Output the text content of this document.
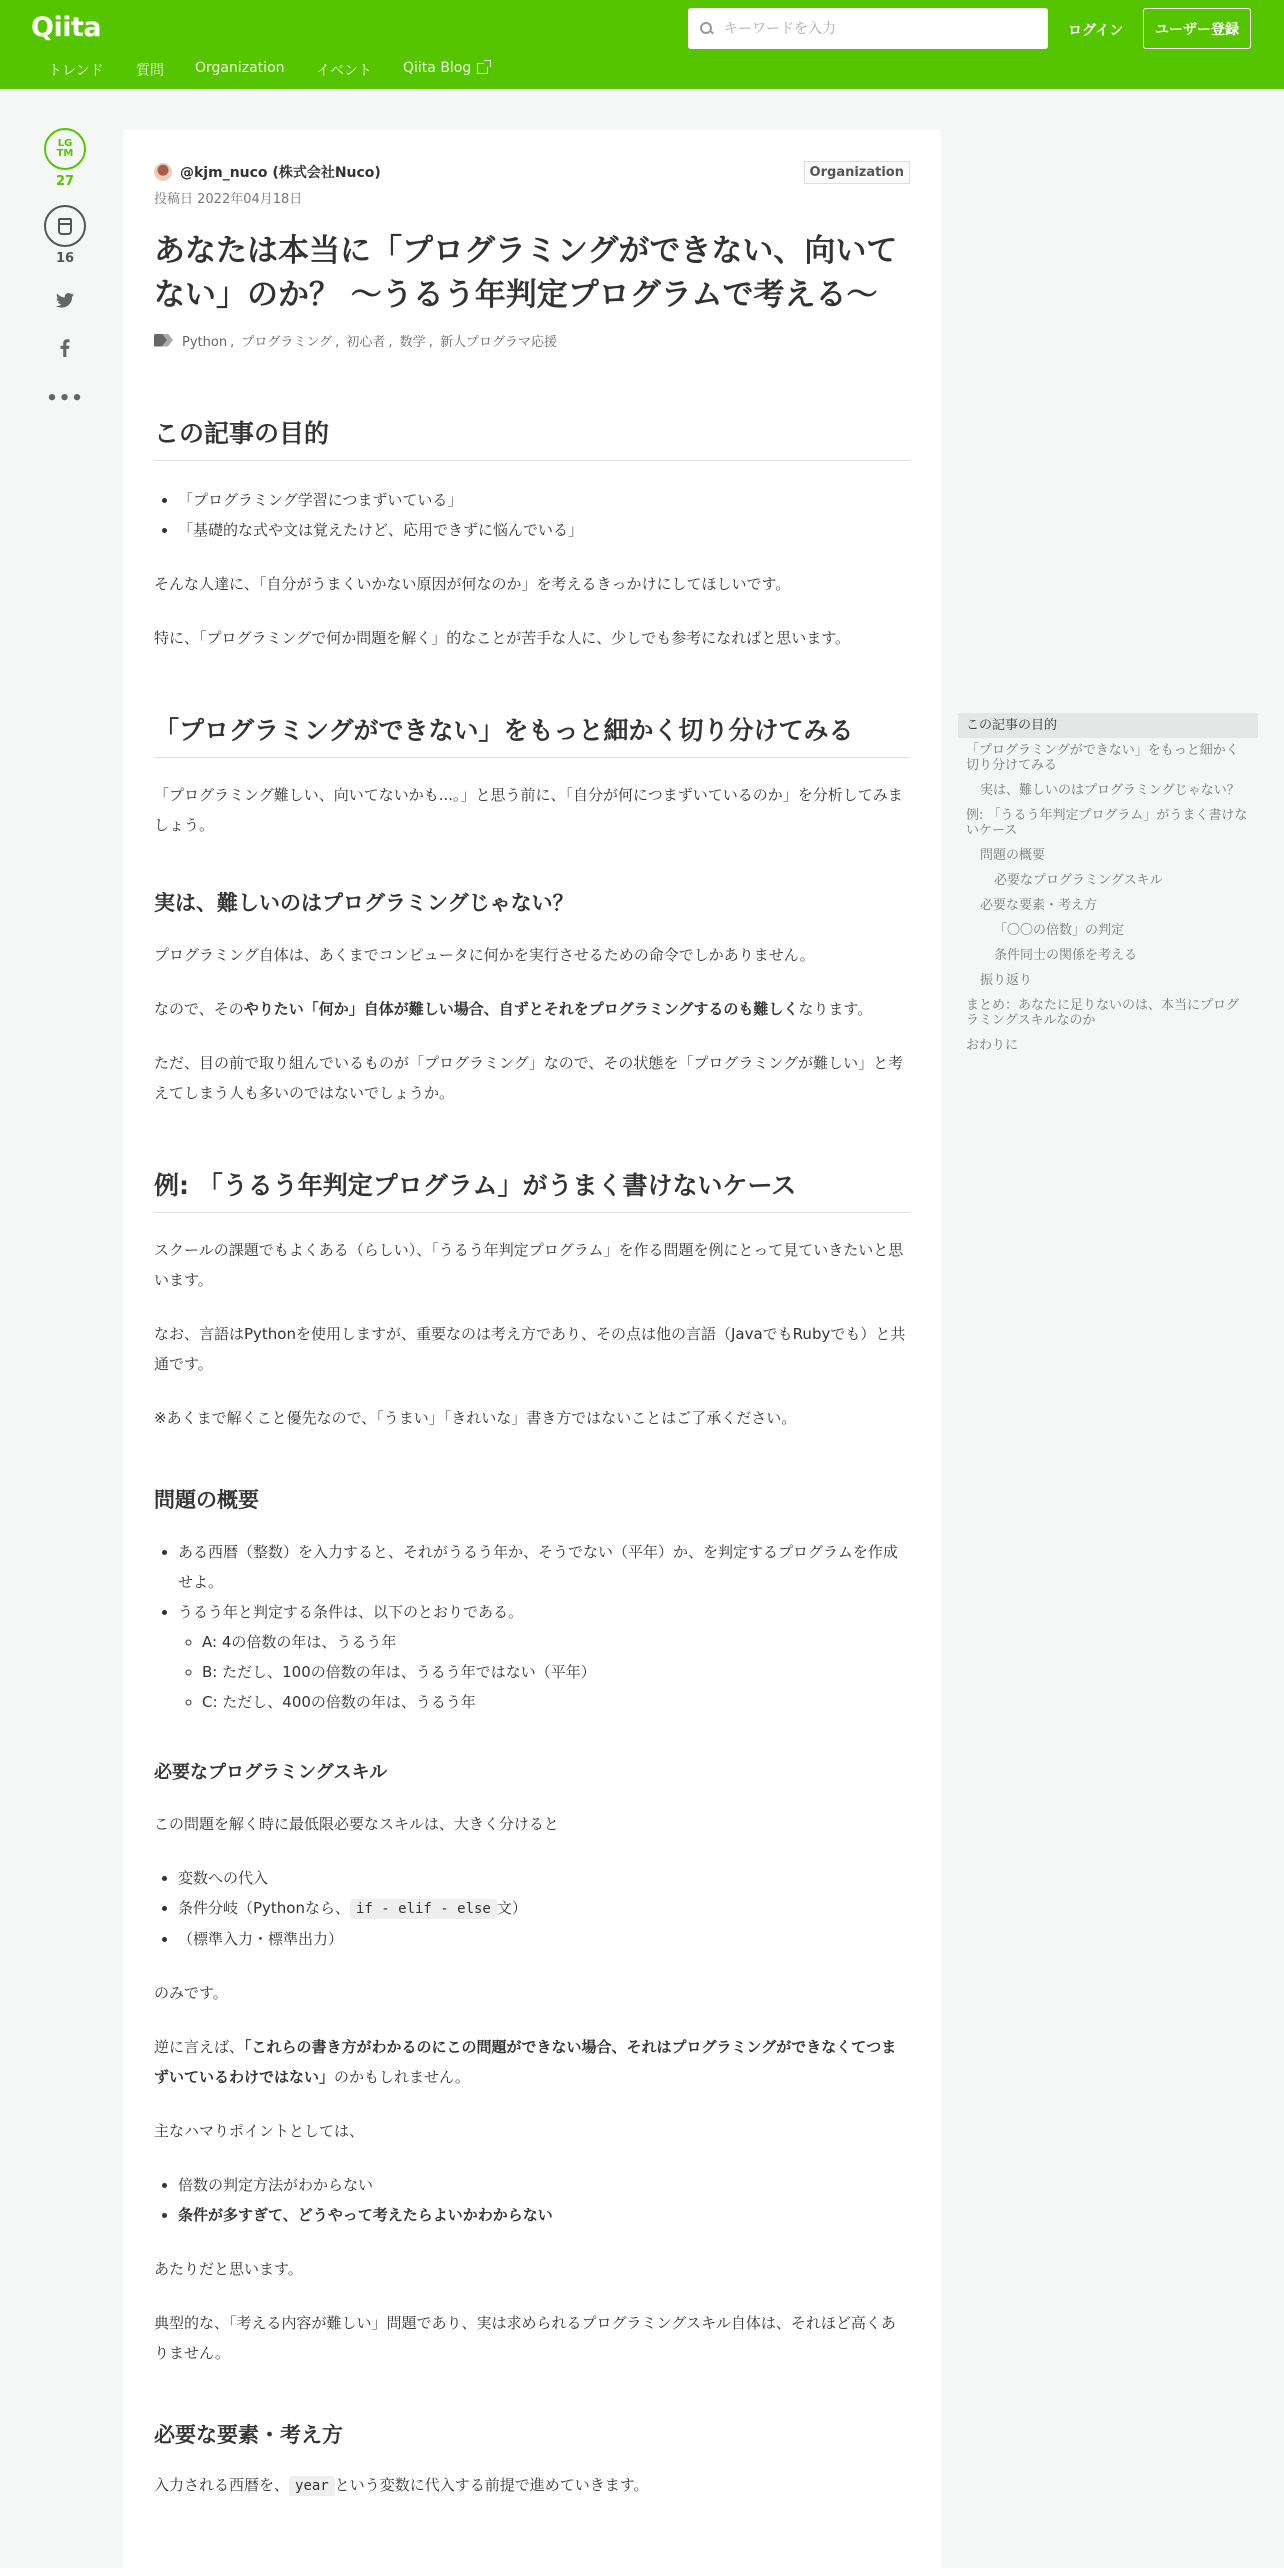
Qiita
キーワードを入力	ログイン	ユーザー登録
トレンド 質問 Organization イベント Qiita Blog
LG
TM
27
16
•••
@kjm_nuco (株式会社Nuco)	Organization
投稿日 2022年04月18日
あなたは本当に「プログラミングができない、向いてない」のか？ 〜うるう年判定プログラムで考える〜
Python , プログラミング , 初心者 , 数学 , 新人プログラマ応援
この記事の目的
• 「プログラミング学習につまずいている」
• 「基礎的な式や文は覚えたけど、応用できずに悩んでいる」

そんな人達に、「自分がうまくいかない原因が何なのか」を考えるきっかけにしてほしいです。

特に、「プログラミングで何か問題を解く」的なことが苦手な人に、少しでも参考になればと思います。

「プログラミングができない」をもっと細かく切り分けてみる

「プログラミング難しい、向いてないかも...。」と思う前に、「自分が何につまずいているのか」を分析してみましょう。

実は、難しいのはプログラミングじゃない？

プログラミング自体は、あくまでコンピュータに何かを実行させるための命令でしかありません。

なので、そのやりたい「何か」自体が難しい場合、自ずとそれをプログラミングするのも難しくなります。

ただ、目の前で取り組んでいるものが「プログラミング」なので、その状態を「プログラミングが難しい」と考えてしまう人も多いのではないでしょうか。

例: 「うるう年判定プログラム」がうまく書けないケース

スクールの課題でもよくある（らしい）、「うるう年判定プログラム」を作る問題を例にとって見ていきたいと思います。

なお、言語はPythonを使用しますが、重要なのは考え方であり、その点は他の言語（JavaでもRubyでも）と共通です。

※あくまで解くこと優先なので、「うまい」「きれいな」書き方ではないことはご了承ください。

問題の概要
• ある西暦（整数）を入力すると、それがうるう年か、そうでない（平年）か、を判定するプログラムを作成せよ。
• うるう年と判定する条件は、以下のとおりである。
◦ A: 4の倍数の年は、うるう年
◦ B: ただし、100の倍数の年は、うるう年ではない（平年）
◦ C: ただし、400の倍数の年は、うるう年
必要なプログラミングスキル

この問題を解く時に最低限必要なスキルは、大きく分けると

• 変数への代入
• 条件分岐（Pythonなら、 if - elif - else 文）
• （標準入力・標準出力）

のみです。

逆に言えば、「これらの書き方がわかるのにこの問題ができない場合、それはプログラミングができなくてつまずいているわけではない」のかもしれません。

主なハマりポイントとしては、

• 倍数の判定方法がわからない
• 条件が多すぎて、どうやって考えたらよいかわからない

あたりだと思います。

典型的な、「考える内容が難しい」問題であり、実は求められるプログラミングスキル自体は、それほど高くありません。

必要な要素・考え方

入力される西暦を、 year という変数に代入する前提で進めていきます。

この記事の目的
「プログラミングができない」をもっと細かく切り分けてみる
実は、難しいのはプログラミングじゃない？
例: 「うるう年判定プログラム」がうまく書けないケース
問題の概要
必要なプログラミングスキル
必要な要素・考え方
「〇〇の倍数」の判定
条件同士の関係を考える
振り返り
まとめ：あなたに足りないのは、本当にプログラミングスキルなのか
おわりに
